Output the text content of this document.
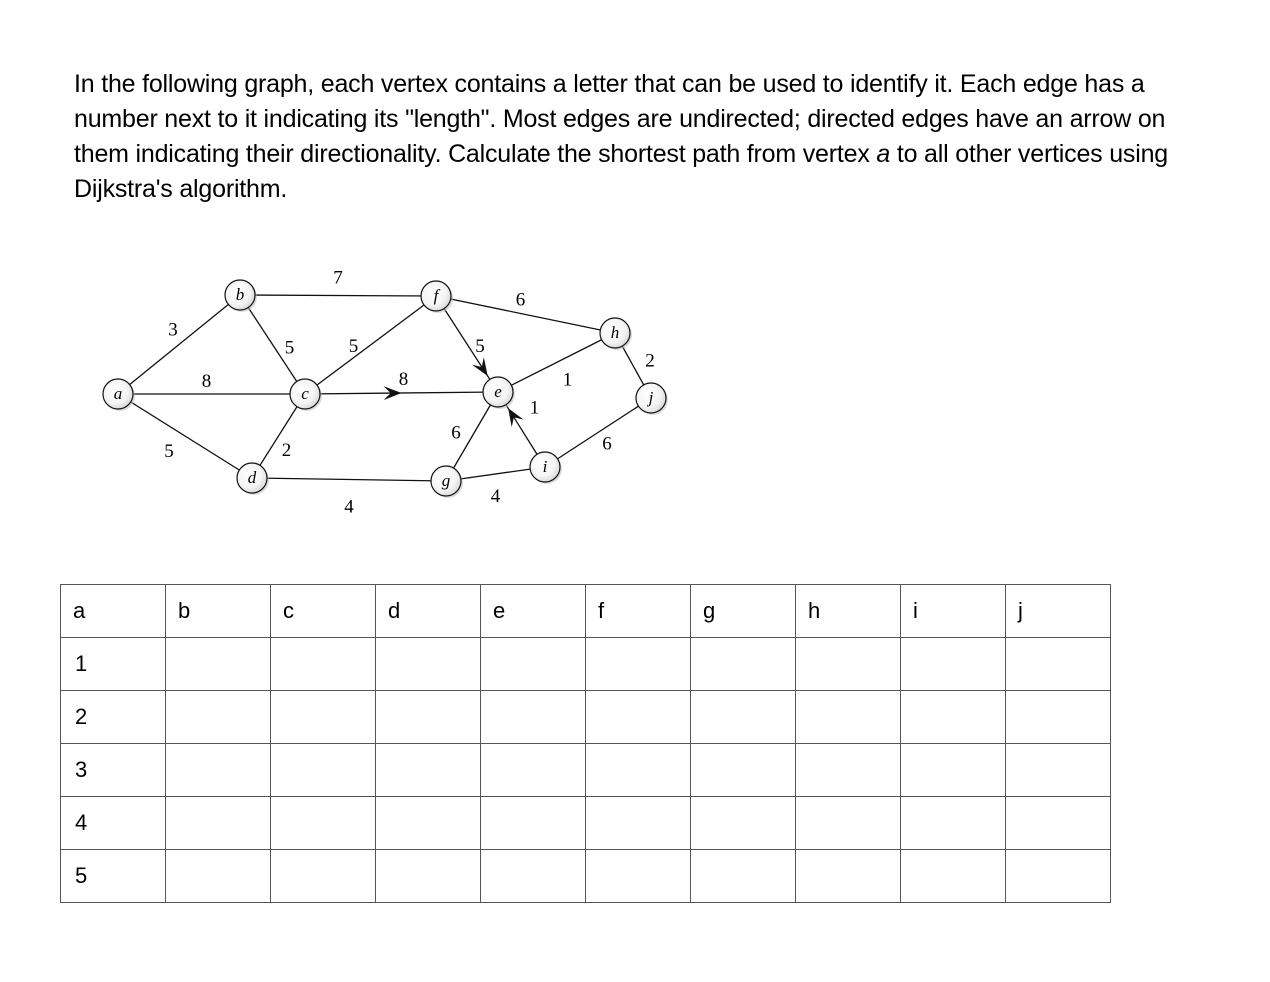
In the following graph, each vertex contains a letter that can be used to identify it. Each edge has a number next to it indicating its "length". Most edges are undirected; directed edges have an arrow on them indicating their directionality. Calculate the shortest path from vertex a to all other vertices using Dijkstra's algorithm.

3
8
5
7
5	5
2
8
4
5
6
1
6
1
4
2
6
a
b
c
d
e
f
g
h
i
j
a	b	c	d	e	f	g	h	i	j
1									
2									
3									
4									
5									
